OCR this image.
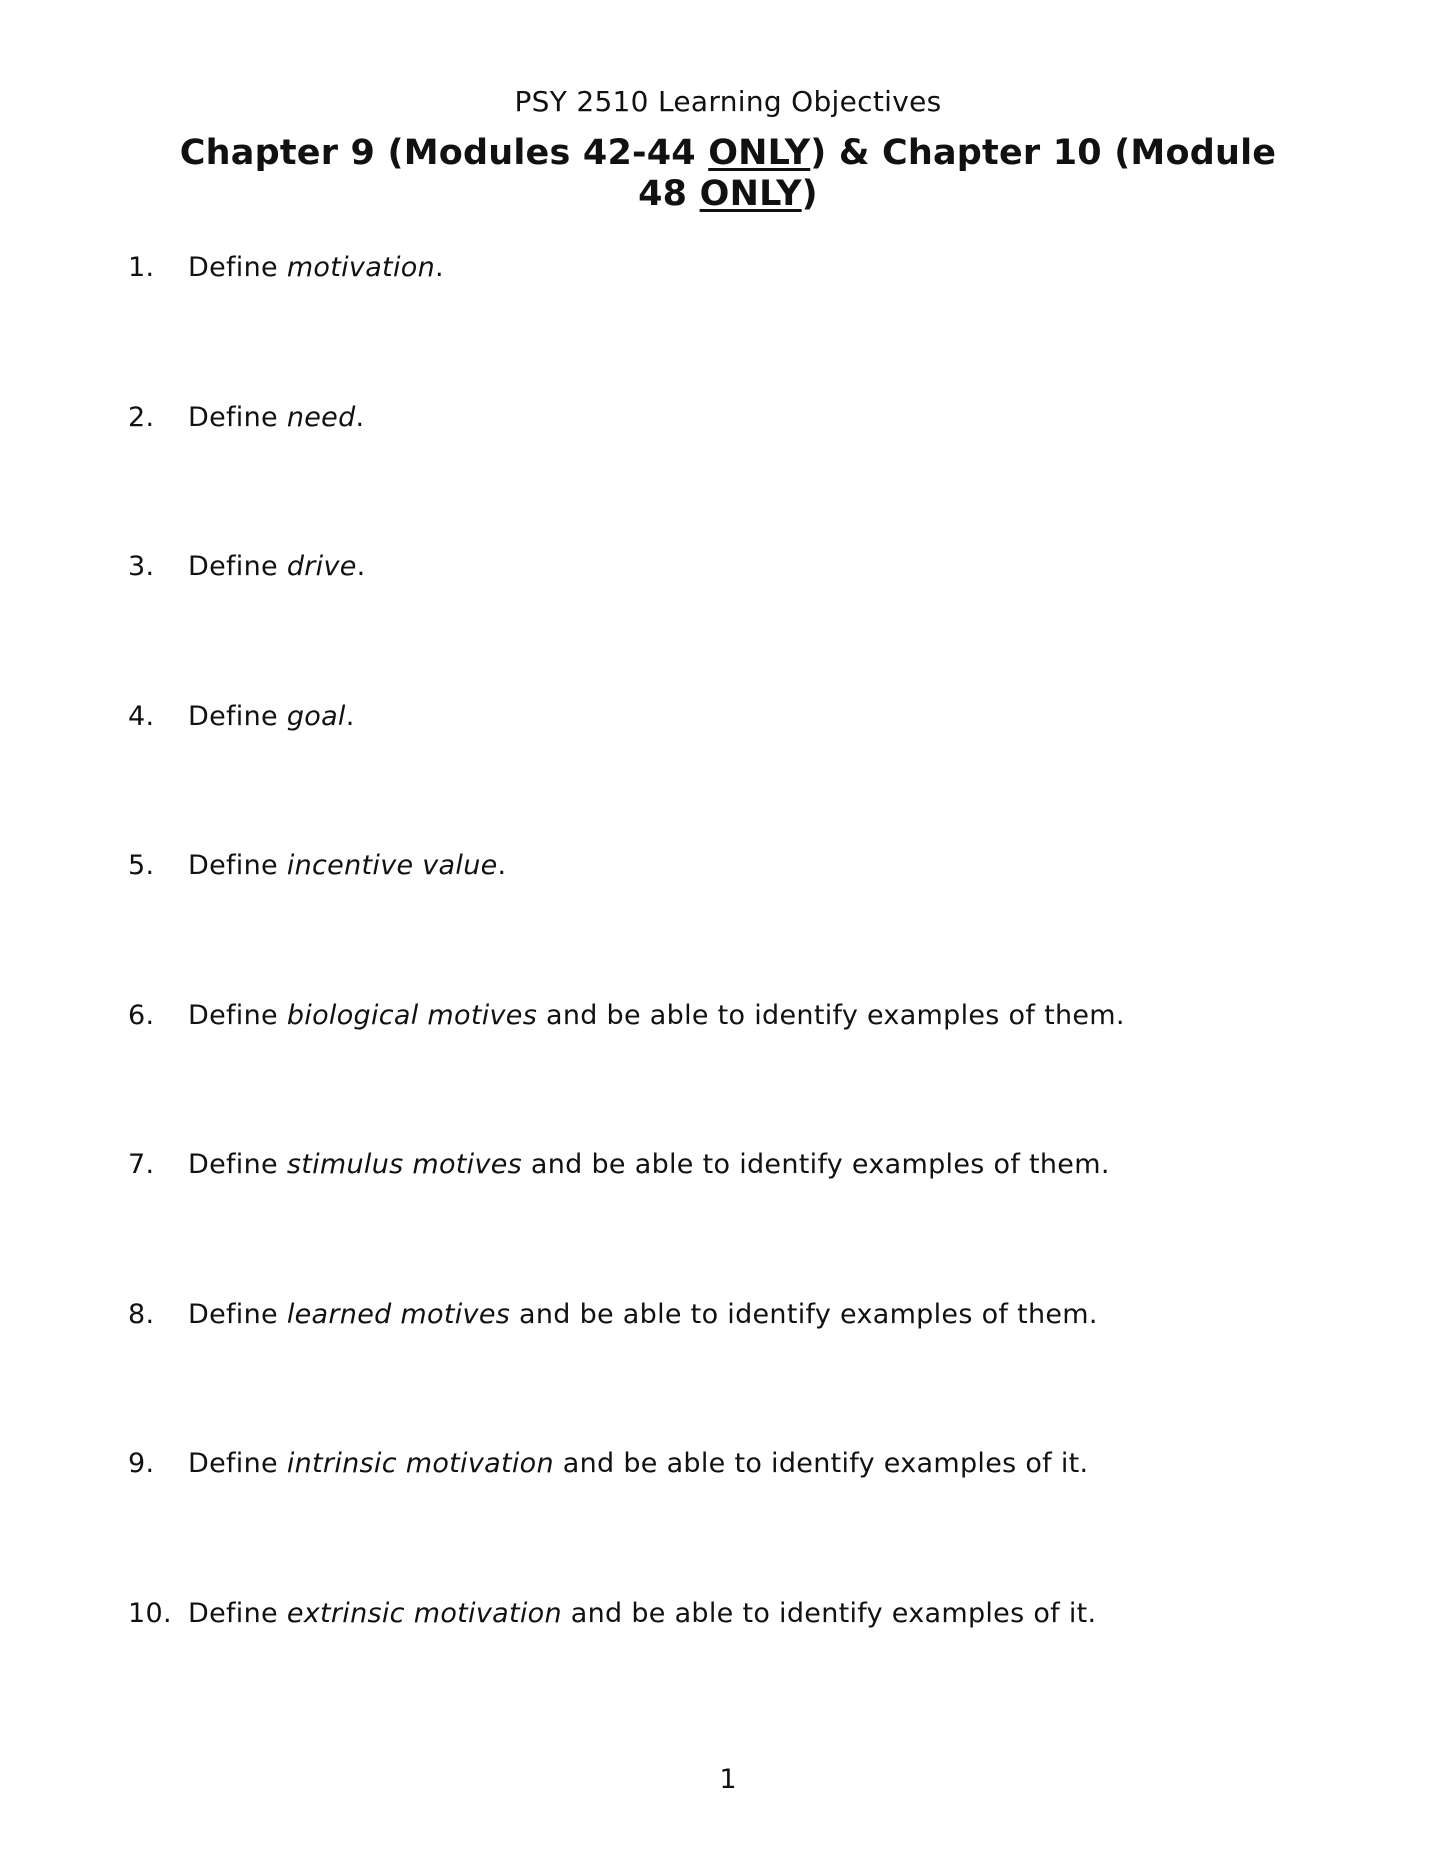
PSY 2510 Learning Objectives
Chapter 9 (Modules 42-44 ONLY) & Chapter 10 (Module 48 ONLY)
1.	Define motivation.
2.	Define need.
3.	Define drive.
4.	Define goal.
5.	Define incentive value.
6.	Define biological motives and be able to identify examples of them.
7.	Define stimulus motives and be able to identify examples of them.
8.	Define learned motives and be able to identify examples of them.
9.	Define intrinsic motivation and be able to identify examples of it.
10. Define extrinsic motivation and be able to identify examples of it.
1
